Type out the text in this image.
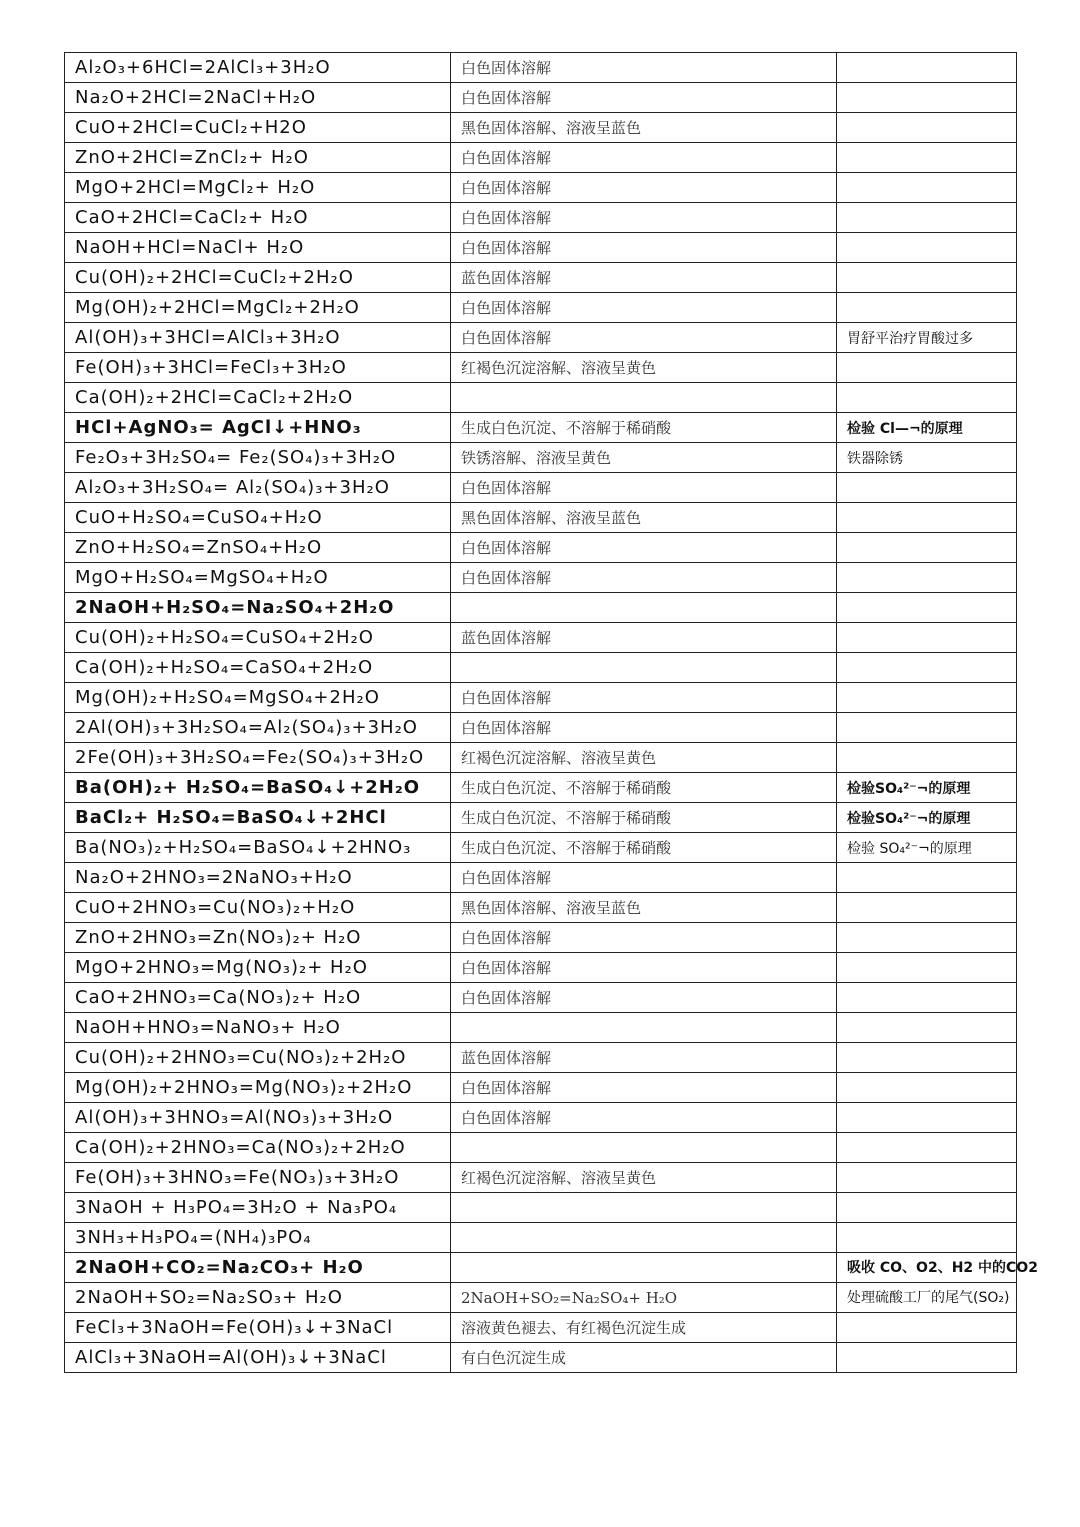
Al₂O₃+6HCl=2AlCl₃+3H₂O	白色固体溶解	
Na₂O+2HCl=2NaCl+H₂O	白色固体溶解	
CuO+2HCl=CuCl₂+H2O	黑色固体溶解、溶液呈蓝色	
ZnO+2HCl=ZnCl₂+ H₂O	白色固体溶解	
MgO+2HCl=MgCl₂+ H₂O	白色固体溶解	
CaO+2HCl=CaCl₂+ H₂O	白色固体溶解	
NaOH+HCl=NaCl+ H₂O	白色固体溶解	
Cu(OH)₂+2HCl=CuCl₂+2H₂O	蓝色固体溶解	
Mg(OH)₂+2HCl=MgCl₂+2H₂O	白色固体溶解	
Al(OH)₃+3HCl=AlCl₃+3H₂O	白色固体溶解	胃舒平治疗胃酸过多
Fe(OH)₃+3HCl=FeCl₃+3H₂O	红褐色沉淀溶解、溶液呈黄色	
Ca(OH)₂+2HCl=CaCl₂+2H₂O		
HCl+AgNO₃= AgCl↓+HNO₃	生成白色沉淀、不溶解于稀硝酸	检验 Cl—¬的原理
Fe₂O₃+3H₂SO₄= Fe₂(SO₄)₃+3H₂O	铁锈溶解、溶液呈黄色	铁器除锈
Al₂O₃+3H₂SO₄= Al₂(SO₄)₃+3H₂O	白色固体溶解	
CuO+H₂SO₄=CuSO₄+H₂O	黑色固体溶解、溶液呈蓝色	
ZnO+H₂SO₄=ZnSO₄+H₂O	白色固体溶解	
MgO+H₂SO₄=MgSO₄+H₂O	白色固体溶解	
2NaOH+H₂SO₄=Na₂SO₄+2H₂O		
Cu(OH)₂+H₂SO₄=CuSO₄+2H₂O	蓝色固体溶解	
Ca(OH)₂+H₂SO₄=CaSO₄+2H₂O		
Mg(OH)₂+H₂SO₄=MgSO₄+2H₂O	白色固体溶解	
2Al(OH)₃+3H₂SO₄=Al₂(SO₄)₃+3H₂O	白色固体溶解	
2Fe(OH)₃+3H₂SO₄=Fe₂(SO₄)₃+3H₂O	红褐色沉淀溶解、溶液呈黄色	
Ba(OH)₂+ H₂SO₄=BaSO₄↓+2H₂O	生成白色沉淀、不溶解于稀硝酸	检验SO₄²⁻¬的原理
BaCl₂+ H₂SO₄=BaSO₄↓+2HCl	生成白色沉淀、不溶解于稀硝酸	检验SO₄²⁻¬的原理
Ba(NO₃)₂+H₂SO₄=BaSO₄↓+2HNO₃	生成白色沉淀、不溶解于稀硝酸	检验 SO₄²⁻¬的原理
Na₂O+2HNO₃=2NaNO₃+H₂O	白色固体溶解	
CuO+2HNO₃=Cu(NO₃)₂+H₂O	黑色固体溶解、溶液呈蓝色	
ZnO+2HNO₃=Zn(NO₃)₂+ H₂O	白色固体溶解	
MgO+2HNO₃=Mg(NO₃)₂+ H₂O	白色固体溶解	
CaO+2HNO₃=Ca(NO₃)₂+ H₂O	白色固体溶解	
NaOH+HNO₃=NaNO₃+ H₂O		
Cu(OH)₂+2HNO₃=Cu(NO₃)₂+2H₂O	蓝色固体溶解	
Mg(OH)₂+2HNO₃=Mg(NO₃)₂+2H₂O	白色固体溶解	
Al(OH)₃+3HNO₃=Al(NO₃)₃+3H₂O	白色固体溶解	
Ca(OH)₂+2HNO₃=Ca(NO₃)₂+2H₂O		
Fe(OH)₃+3HNO₃=Fe(NO₃)₃+3H₂O	红褐色沉淀溶解、溶液呈黄色	
3NaOH + H₃PO₄=3H₂O + Na₃PO₄		
3NH₃+H₃PO₄=(NH₄)₃PO₄		
2NaOH+CO₂=Na₂CO₃+ H₂O		吸收 CO、O2、H2 中的CO2
2NaOH+SO₂=Na₂SO₃+ H₂O	2NaOH+SO₂=Na₂SO₄+ H₂O	处理硫酸工厂的尾气(SO₂)
FeCl₃+3NaOH=Fe(OH)₃↓+3NaCl	溶液黄色褪去、有红褐色沉淀生成	
AlCl₃+3NaOH=Al(OH)₃↓+3NaCl	有白色沉淀生成	
